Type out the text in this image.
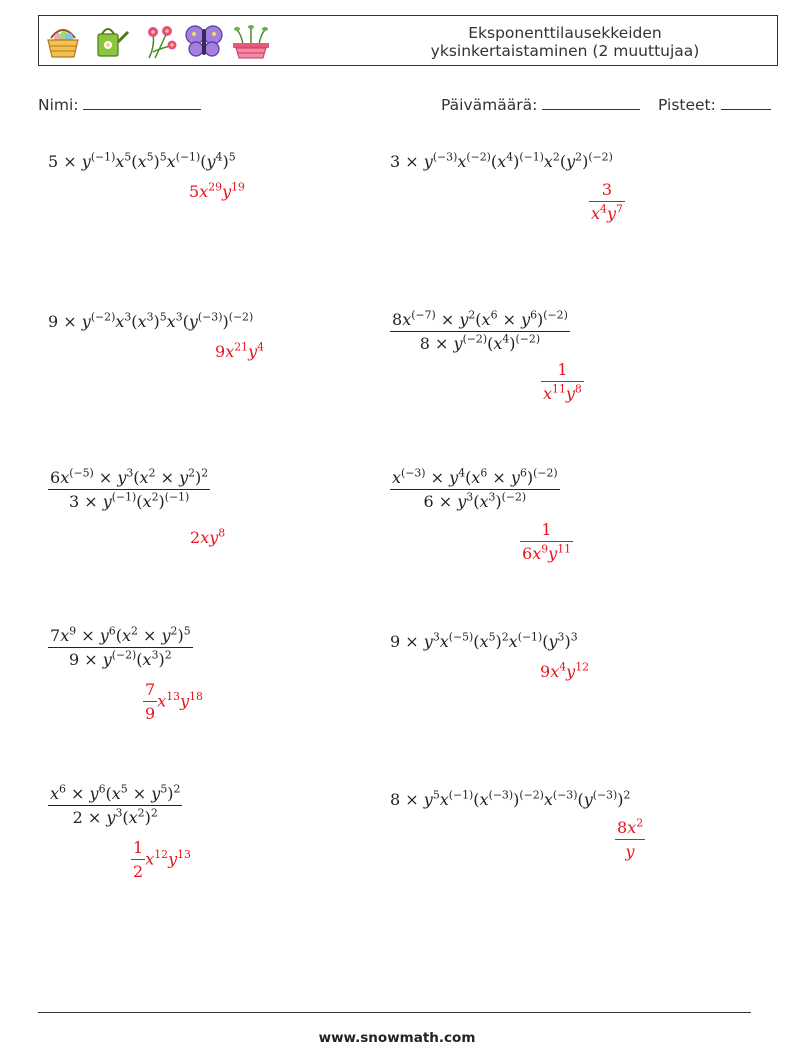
Eksponenttilausekkeiden
yksinkertaistaminen (2 muuttujaa)
Nimi:	Päivämäärä:	Pisteet:
$5 \times y^{(-1)}x^5(x^5)^5x^{(-1)}(y^4)^5$
$5x^{29}y^{19}$
$3 \times y^{(-3)}x^{(-2)}(x^4)^{(-1)}x^2(y^2)^{(-2)}$
$\frac{3}{x^4y^7}$
$9 \times y^{(-2)}x^3(x^3)^5x^3(y^{(-3)})^{(-2)}$
$9x^{21}y^4$	$\frac{8x^{(-7)} \times y^2(x^6 \times y^6)^{(-2)}}{8 \times y^{(-2)}(x^4)^{(-2)}}$
$\frac{1}{x^{11}y^8}$
$\frac{6x^{(-5)} \times y^3(x^2 \times y^2)^2}{3 \times y^{(-1)}(x^2)^{(-1)}}$
$2xy^8$
$\frac{x^{(-3)} \times y^4(x^6 \times y^6)^{(-2)}}{6 \times y^3(x^3)^{(-2)}}$
$\frac{1}{6x^9y^{11}}$
$\frac{7x^9 \times y^6(x^2 \times y^2)^5}{9 \times y^{(-2)}(x^3)^2}$
$\frac{7}{9} x^{13}y^{18}$
$9 \times y^3x^{(-5)}(x^5)^2x^{(-1)}(y^3)^3$
$9x^4y^{12}$
$\frac{x^6 \times y^6(x^5 \times y^5)^2}{2 \times y^3(x^2)^2}$
$\frac{1}{2} x^{12}y^{13}$
$8 \times y^5x^{(-1)}(x^{(-3)})^{(-2)}x^{(-3)}(y^{(-3)})^2$
$\frac{8x^2}{y}$
www.snowmath.com
